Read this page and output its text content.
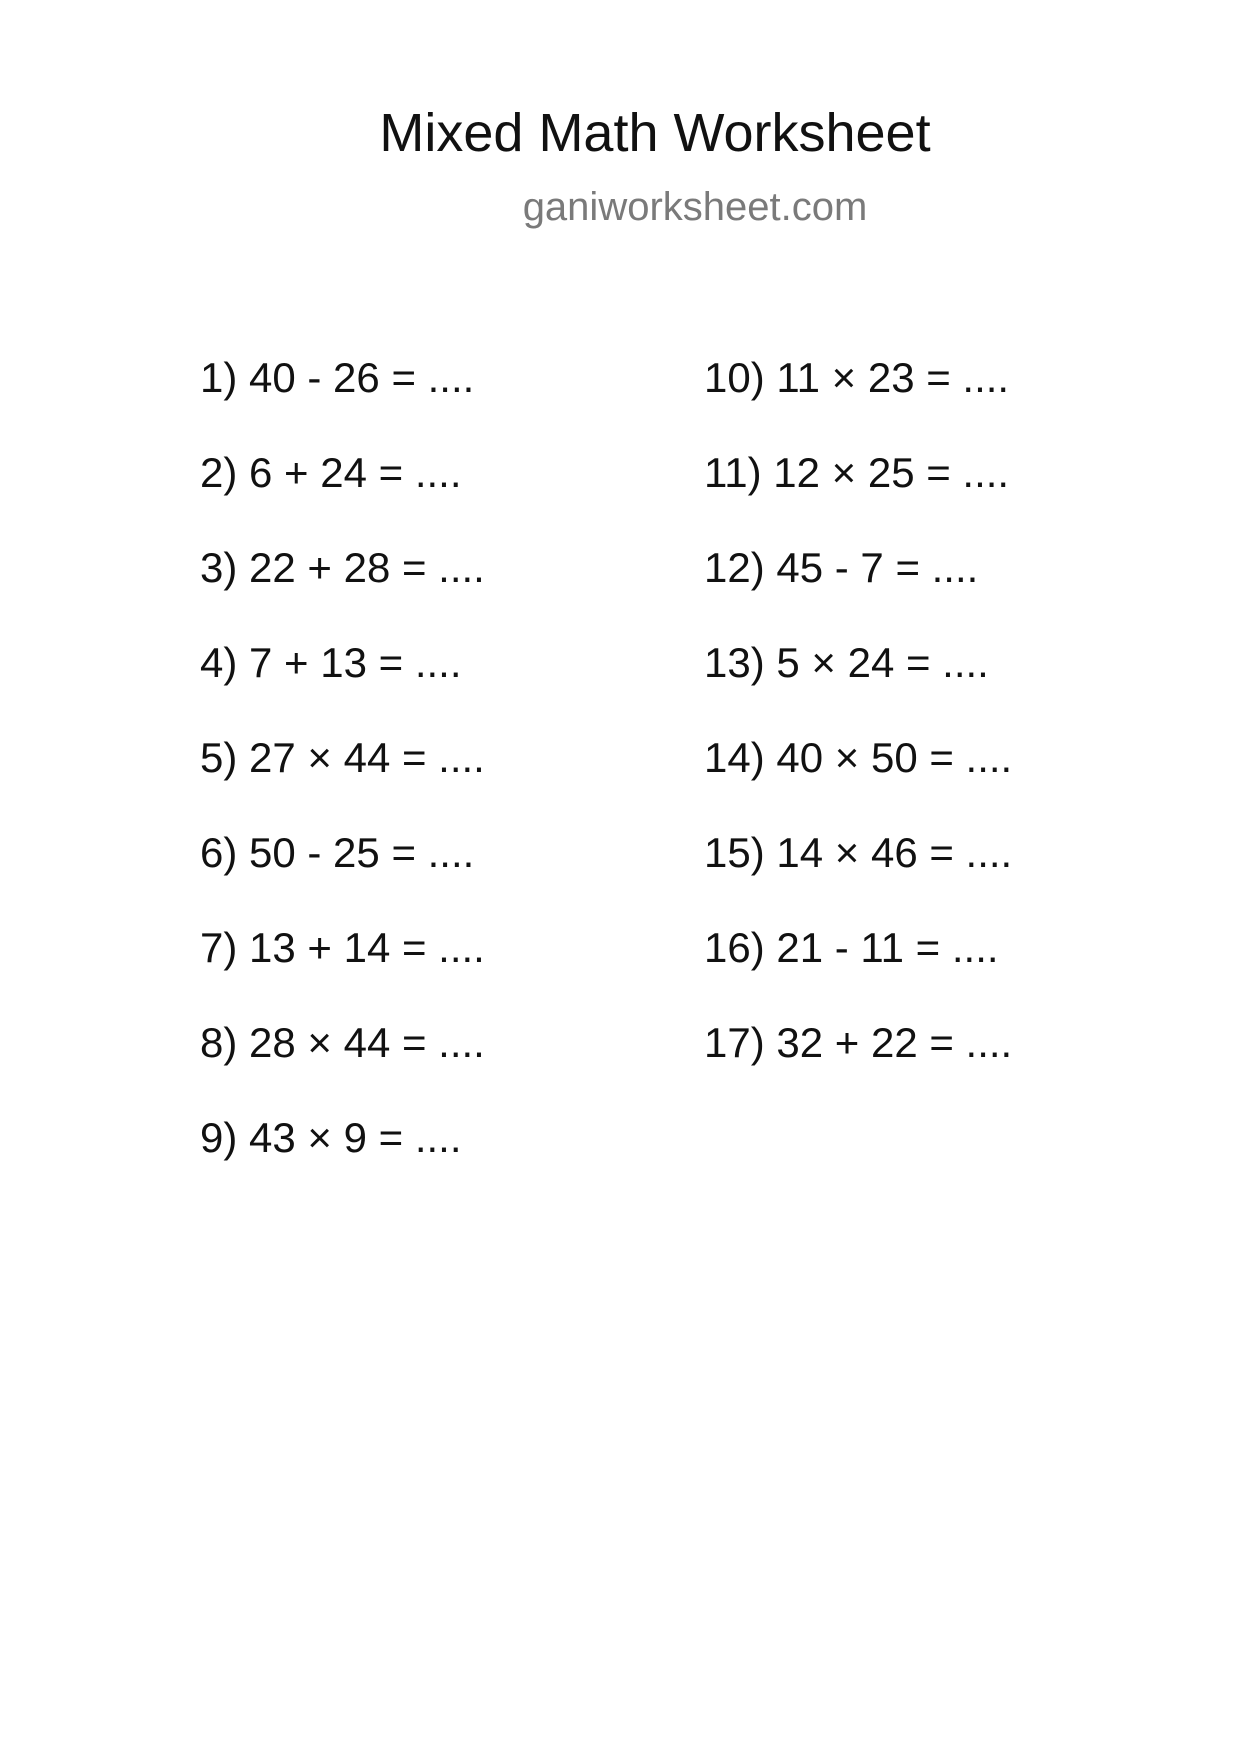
Mixed Math Worksheet
ganiworksheet.com
1) 40 - 26 = ....
2) 6 + 24 = ....
3) 22 + 28 = ....
4) 7 + 13 = ....
5) 27 × 44 = ....
6) 50 - 25 = ....
7) 13 + 14 = ....
8) 28 × 44 = ....
9) 43 × 9 = ....
10) 11 × 23 = ....
11) 12 × 25 = ....
12) 45 - 7 = ....
13) 5 × 24 = ....
14) 40 × 50 = ....
15) 14 × 46 = ....
16) 21 - 11 = ....
17) 32 + 22 = ....
